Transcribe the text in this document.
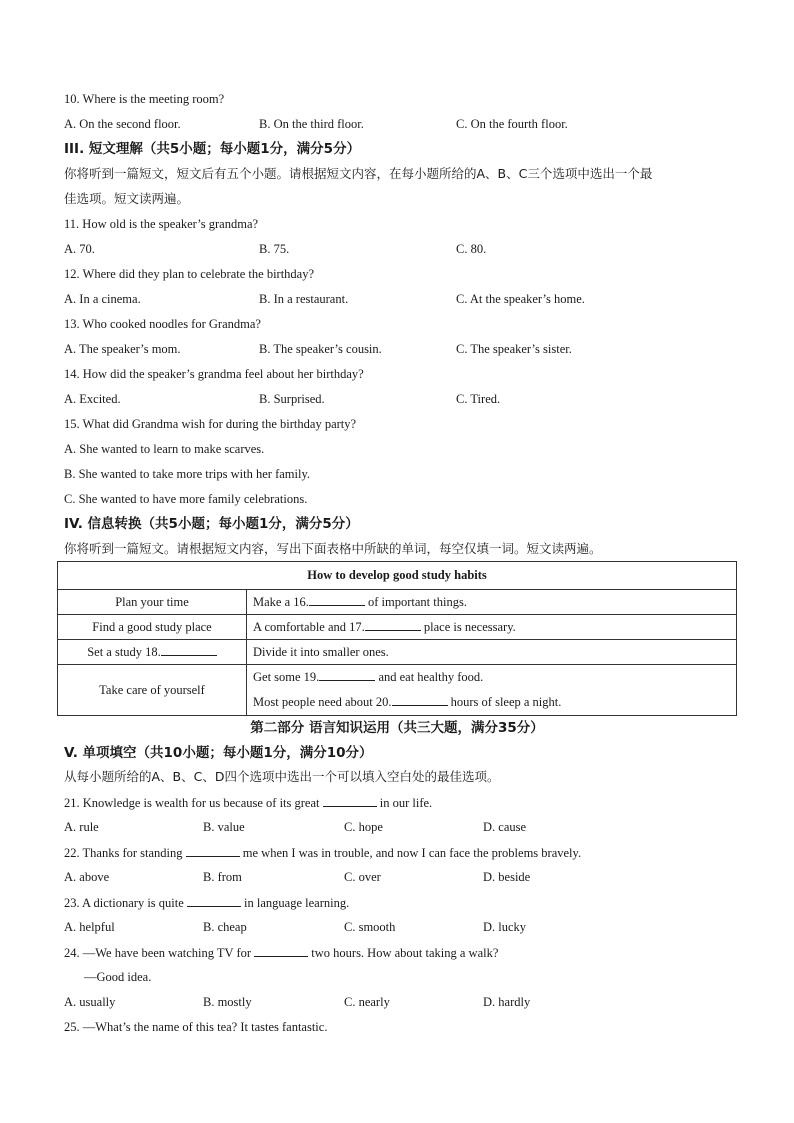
10. Where is the meeting room?
A. On the second floor.	B. On the third floor.	C. On the fourth floor.
III. 短文理解（共5小题；每小题1分，满分5分）
你将听到一篇短文，短文后有五个小题。请根据短文内容，在每小题所给的A、B、C三个选项中选出一个最
佳选项。短文读两遍。
11. How old is the speaker’s grandma?
A. 70.	B. 75.	C. 80.
12. Where did they plan to celebrate the birthday?
A. In a cinema.	B. In a restaurant.	C. At the speaker’s home.
13. Who cooked noodles for Grandma?
A. The speaker’s mom.	B. The speaker’s cousin.	C. The speaker’s sister.
14. How did the speaker’s grandma feel about her birthday?
A. Excited.	B. Surprised.	C. Tired.
15. What did Grandma wish for during the birthday party?
A. She wanted to learn to make scarves.
B. She wanted to take more trips with her family.
C. She wanted to have more family celebrations.
IV. 信息转换（共5小题；每小题1分，满分5分）
你将听到一篇短文。请根据短文内容，写出下面表格中所缺的单词，每空仅填一词。短文读两遍。
How to develop good study habits	
Plan your time	Make a 16. of important things.
Find a good study place	A comfortable and 17. place is necessary.
Set a study 18.	Divide it into smaller ones.
Take care of yourself	Get some 19. and eat healthy food.
Most people need about 20. hours of sleep a night.
第二部分 语言知识运用（共三大题，满分35分）
V. 单项填空（共10小题；每小题1分，满分10分）
从每小题所给的A、B、C、D四个选项中选出一个可以填入空白处的最佳选项。
21. Knowledge is wealth for us because of its great	in our life.
A. rule	B. value	C. hope	D. cause
22. Thanks for standing	me when I was in trouble, and now I can face the problems bravely.
A. above	B. from	C. over	D. beside
23. A dictionary is quite	in language learning.
A. helpful	B. cheap	C. smooth	D. lucky
24. —We have been watching TV for	two hours. How about taking a walk?
—Good idea.
A. usually	B. mostly	C. nearly	D. hardly
25. —What’s the name of this tea? It tastes fantastic.
